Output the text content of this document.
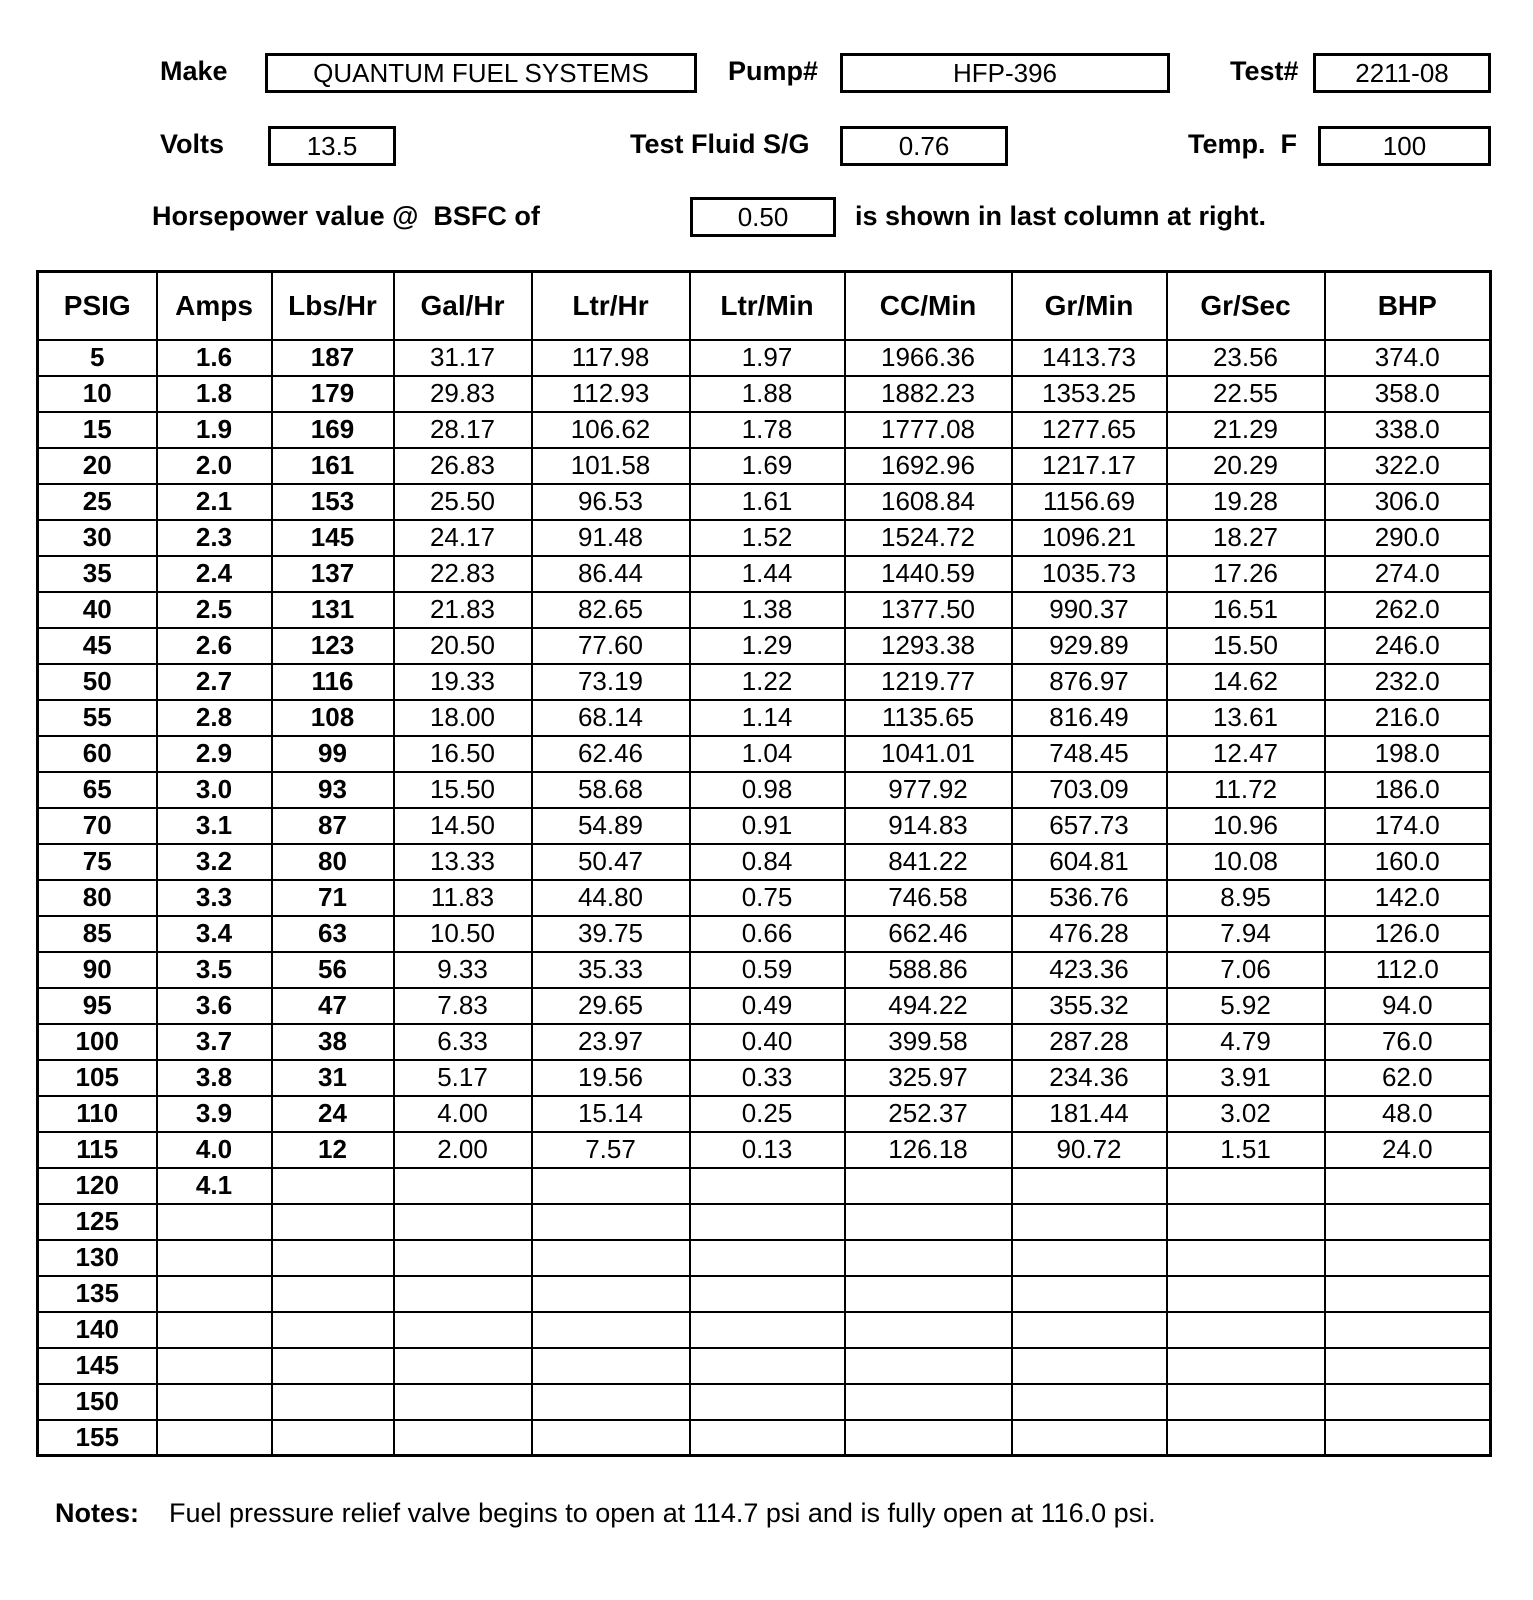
Make	QUANTUM FUEL SYSTEMS	Pump#	HFP-396	Test# 2211-08
Volts	13.5	Test Fluid S/G	0.76	Temp.  F	100
Horsepower value @  BSFC of	0.50 is shown in last column at right.
PSIG	Amps	Lbs/Hr	Gal/Hr	Ltr/Hr	Ltr/Min	CC/Min	Gr/Min	Gr/Sec	BHP
5	1.6	187	31.17	117.98	1.97	1966.36	1413.73	23.56	374.0
10	1.8	179	29.83	112.93	1.88	1882.23	1353.25	22.55	358.0
15	1.9	169	28.17	106.62	1.78	1777.08	1277.65	21.29	338.0
20	2.0	161	26.83	101.58	1.69	1692.96	1217.17	20.29	322.0
25	2.1	153	25.50	96.53	1.61	1608.84	1156.69	19.28	306.0
30	2.3	145	24.17	91.48	1.52	1524.72	1096.21	18.27	290.0
35	2.4	137	22.83	86.44	1.44	1440.59	1035.73	17.26	274.0
40	2.5	131	21.83	82.65	1.38	1377.50	990.37	16.51	262.0
45	2.6	123	20.50	77.60	1.29	1293.38	929.89	15.50	246.0
50	2.7	116	19.33	73.19	1.22	1219.77	876.97	14.62	232.0
55	2.8	108	18.00	68.14	1.14	1135.65	816.49	13.61	216.0
60	2.9	99	16.50	62.46	1.04	1041.01	748.45	12.47	198.0
65	3.0	93	15.50	58.68	0.98	977.92	703.09	11.72	186.0
70	3.1	87	14.50	54.89	0.91	914.83	657.73	10.96	174.0
75	3.2	80	13.33	50.47	0.84	841.22	604.81	10.08	160.0
80	3.3	71	11.83	44.80	0.75	746.58	536.76	8.95	142.0
85	3.4	63	10.50	39.75	0.66	662.46	476.28	7.94	126.0
90	3.5	56	9.33	35.33	0.59	588.86	423.36	7.06	112.0
95	3.6	47	7.83	29.65	0.49	494.22	355.32	5.92	94.0
100	3.7	38	6.33	23.97	0.40	399.58	287.28	4.79	76.0
105	3.8	31	5.17	19.56	0.33	325.97	234.36	3.91	62.0
110	3.9	24	4.00	15.14	0.25	252.37	181.44	3.02	48.0
115	4.0	12	2.00	7.57	0.13	126.18	90.72	1.51	24.0
120	4.1								
125									
130									
135									
140									
145									
150									
155									
Notes: Fuel pressure relief valve begins to open at 114.7 psi and is fully open at 116.0 psi.
